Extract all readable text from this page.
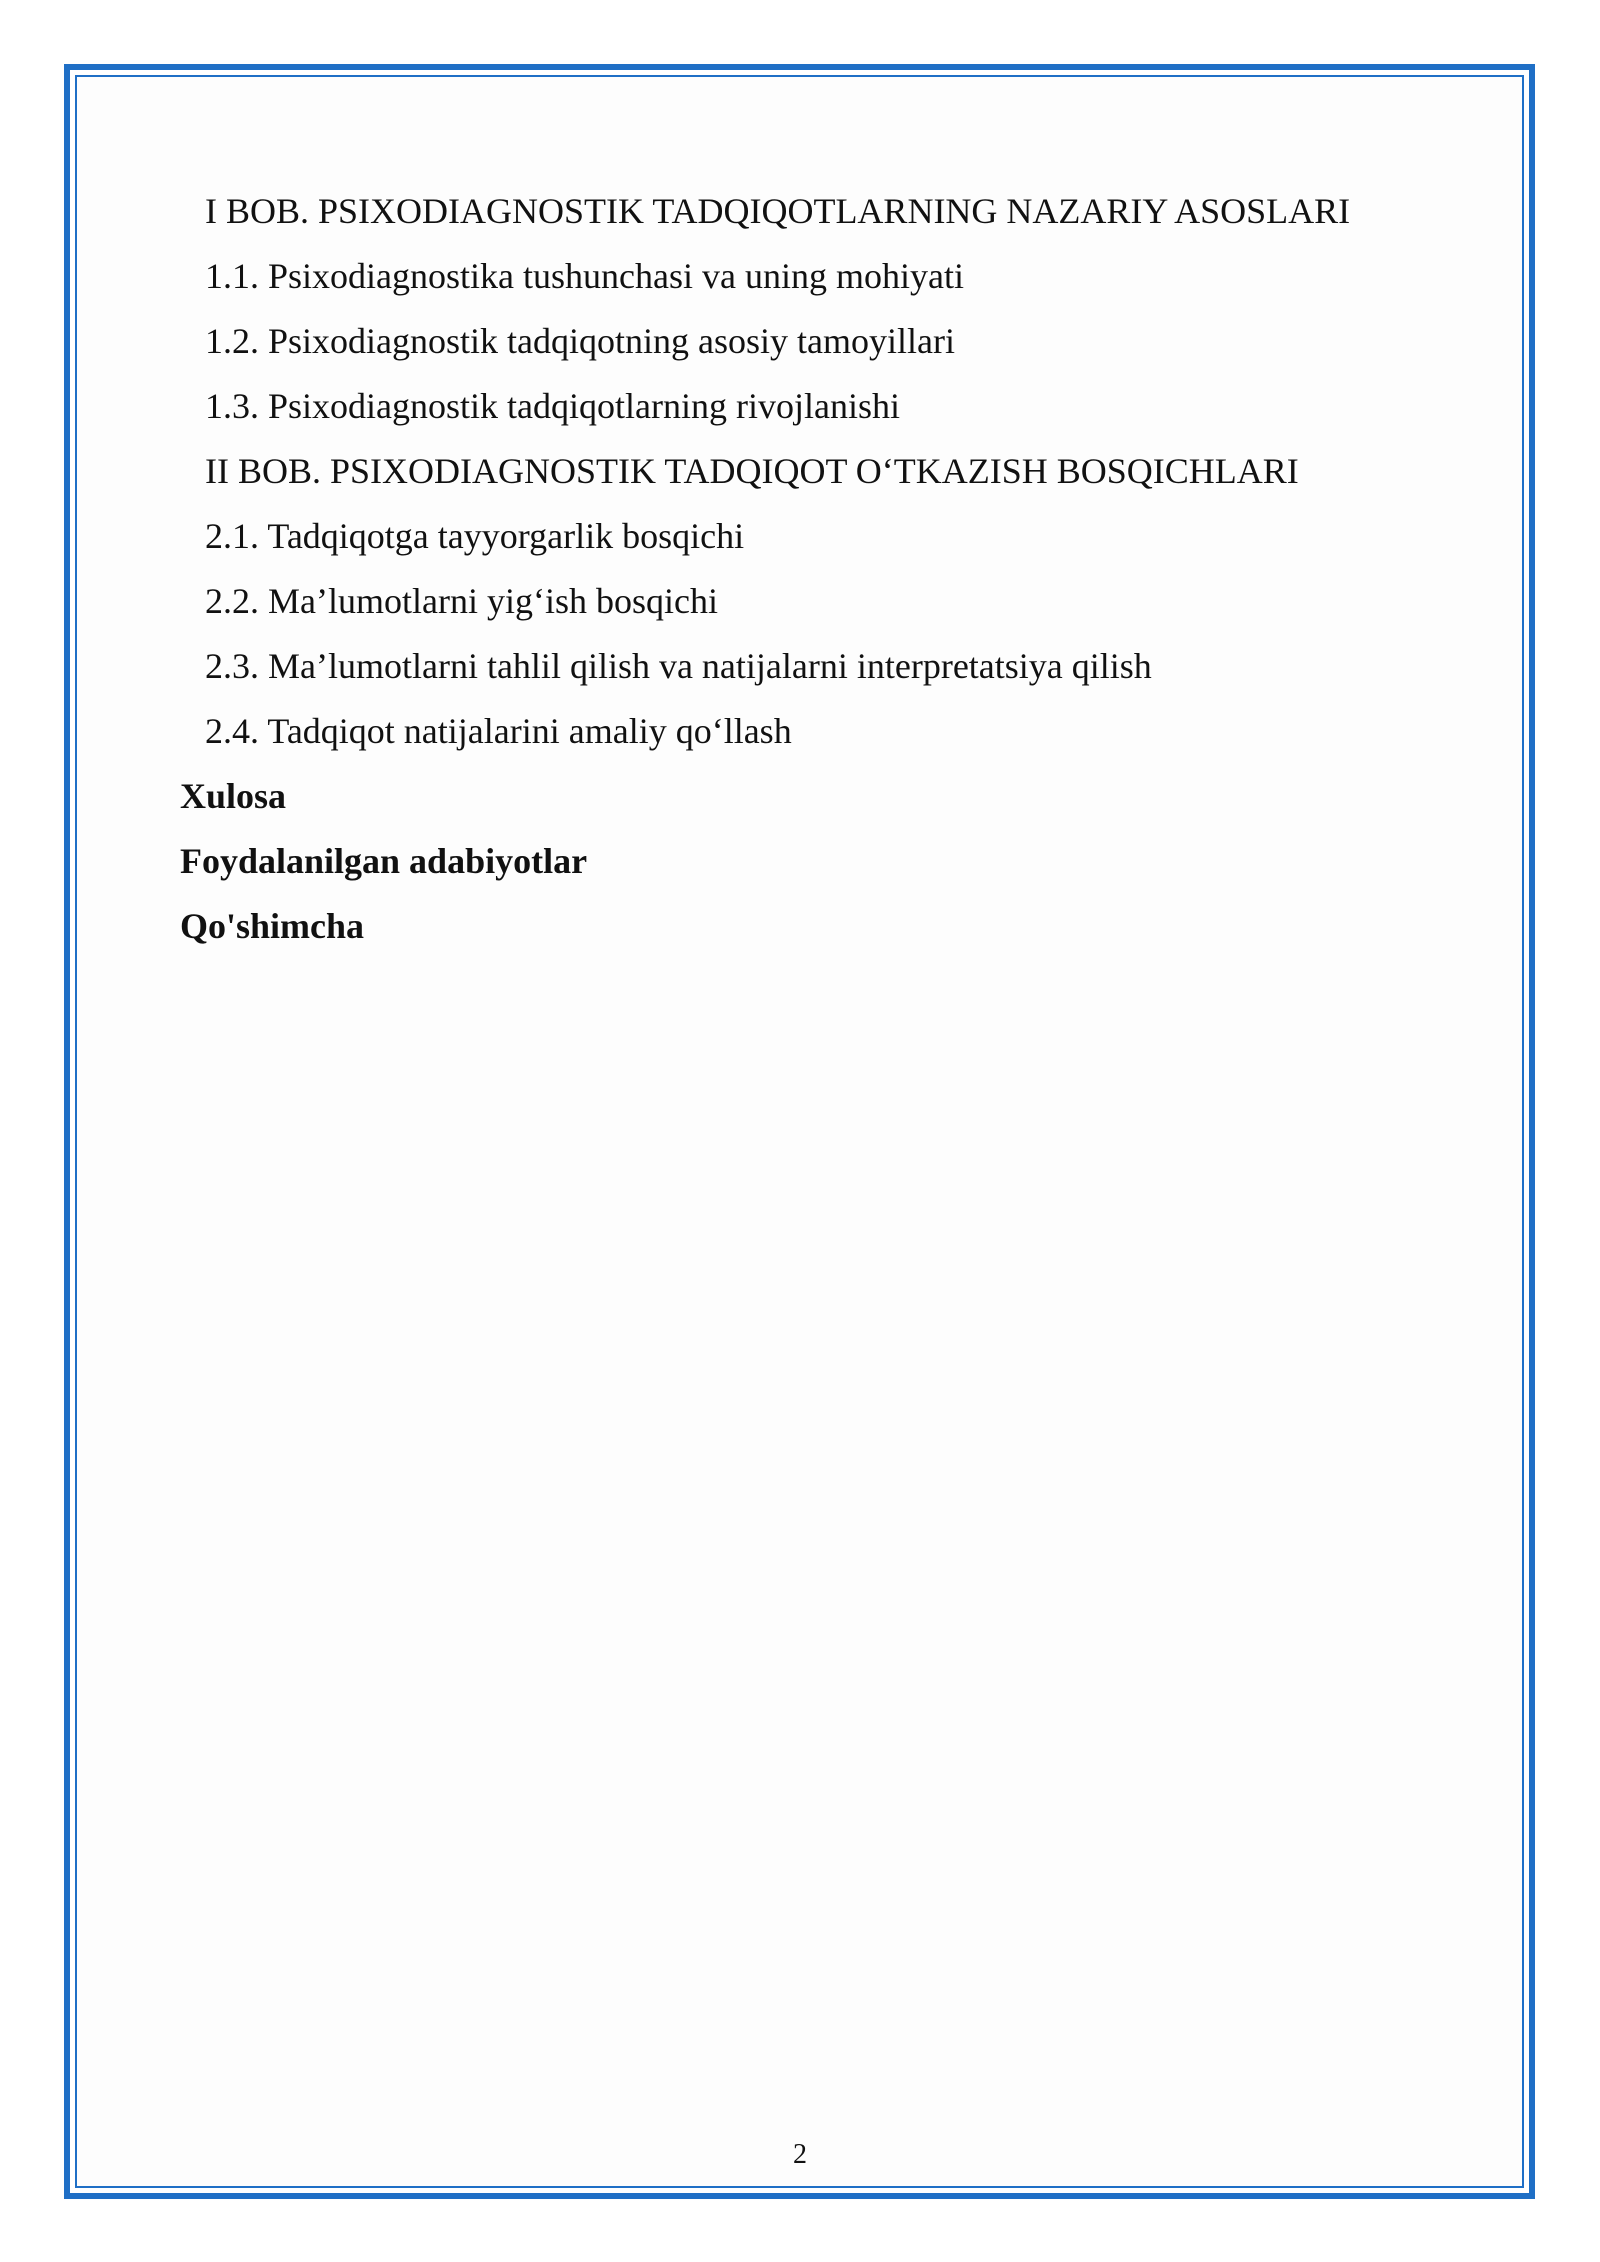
I BOB. PSIXODIAGNOSTIK TADQIQOTLARNING NAZARIY ASOSLARI
1.1. Psixodiagnostika tushunchasi va uning mohiyati
1.2. Psixodiagnostik tadqiqotning asosiy tamoyillari
1.3. Psixodiagnostik tadqiqotlarning rivojlanishi
II BOB. PSIXODIAGNOSTIK TADQIQOT O‘TKAZISH BOSQICHLARI
2.1. Tadqiqotga tayyorgarlik bosqichi
2.2. Ma’lumotlarni yig‘ish bosqichi
2.3. Ma’lumotlarni tahlil qilish va natijalarni interpretatsiya qilish
2.4. Tadqiqot natijalarini amaliy qo‘llash
Xulosa
Foydalanilgan adabiyotlar
Qo'shimcha
2
